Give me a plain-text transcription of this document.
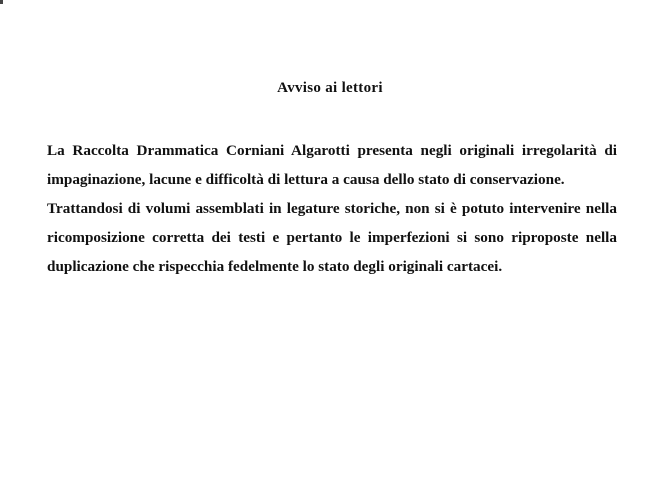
Avviso ai lettori

La Raccolta Drammatica Corniani Algarotti presenta negli originali irregolarità di impaginazione, lacune e difficoltà di lettura a causa dello stato di conservazione.

Trattandosi di volumi assemblati in legature storiche, non si è potuto intervenire nella ricomposizione corretta dei testi e pertanto le imperfezioni si sono riproposte nella duplicazione che rispecchia fedelmente lo stato degli originali cartacei.
